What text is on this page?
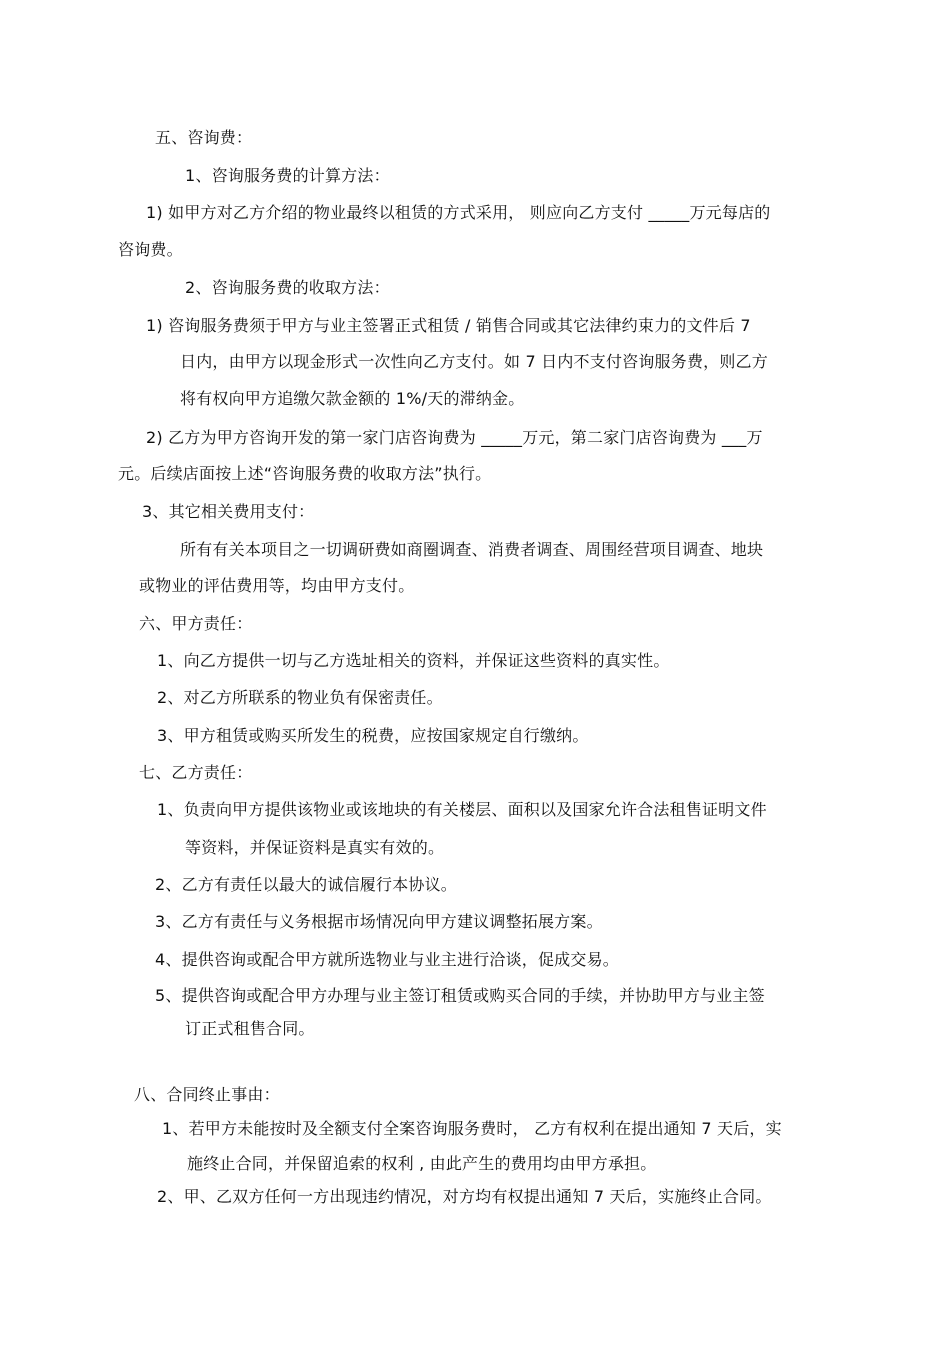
五、咨询费：
1、咨询服务费的计算方法：
1) 如甲方对乙方介绍的物业最终以租赁的方式采用， 则应向乙方支付 _____万元每店的
咨询费。
2、咨询服务费的收取方法：
1) 咨询服务费须于甲方与业主签署正式租赁 / 销售合同或其它法律约束力的文件后 7
日内，由甲方以现金形式一次性向乙方支付。如 7 日内不支付咨询服务费，则乙方
将有权向甲方追缴欠款金额的 1%/天的滞纳金。
2) 乙方为甲方咨询开发的第一家门店咨询费为 _____万元，第二家门店咨询费为 ___万
元。后续店面按上述“咨询服务费的收取方法”执行。
3、其它相关费用支付：
所有有关本项目之一切调研费如商圈调查、消费者调查、周围经营项目调查、地块
或物业的评估费用等，均由甲方支付。
六、甲方责任：
1、向乙方提供一切与乙方选址相关的资料，并保证这些资料的真实性。
2、对乙方所联系的物业负有保密责任。
3、甲方租赁或购买所发生的税费，应按国家规定自行缴纳。
七、乙方责任：
1、负责向甲方提供该物业或该地块的有关楼层、面积以及国家允许合法租售证明文件
等资料，并保证资料是真实有效的。
2、乙方有责任以最大的诚信履行本协议。
3、乙方有责任与义务根据市场情况向甲方建议调整拓展方案。
4、提供咨询或配合甲方就所选物业与业主进行洽谈，促成交易。
5、提供咨询或配合甲方办理与业主签订租赁或购买合同的手续，并协助甲方与业主签
订正式租售合同。
八、合同终止事由：
1、若甲方未能按时及全额支付全案咨询服务费时， 乙方有权利在提出通知 7 天后，实
施终止合同，并保留追索的权利 , 由此产生的费用均由甲方承担。
2、甲、乙双方任何一方出现违约情况，对方均有权提出通知 7 天后，实施终止合同。
